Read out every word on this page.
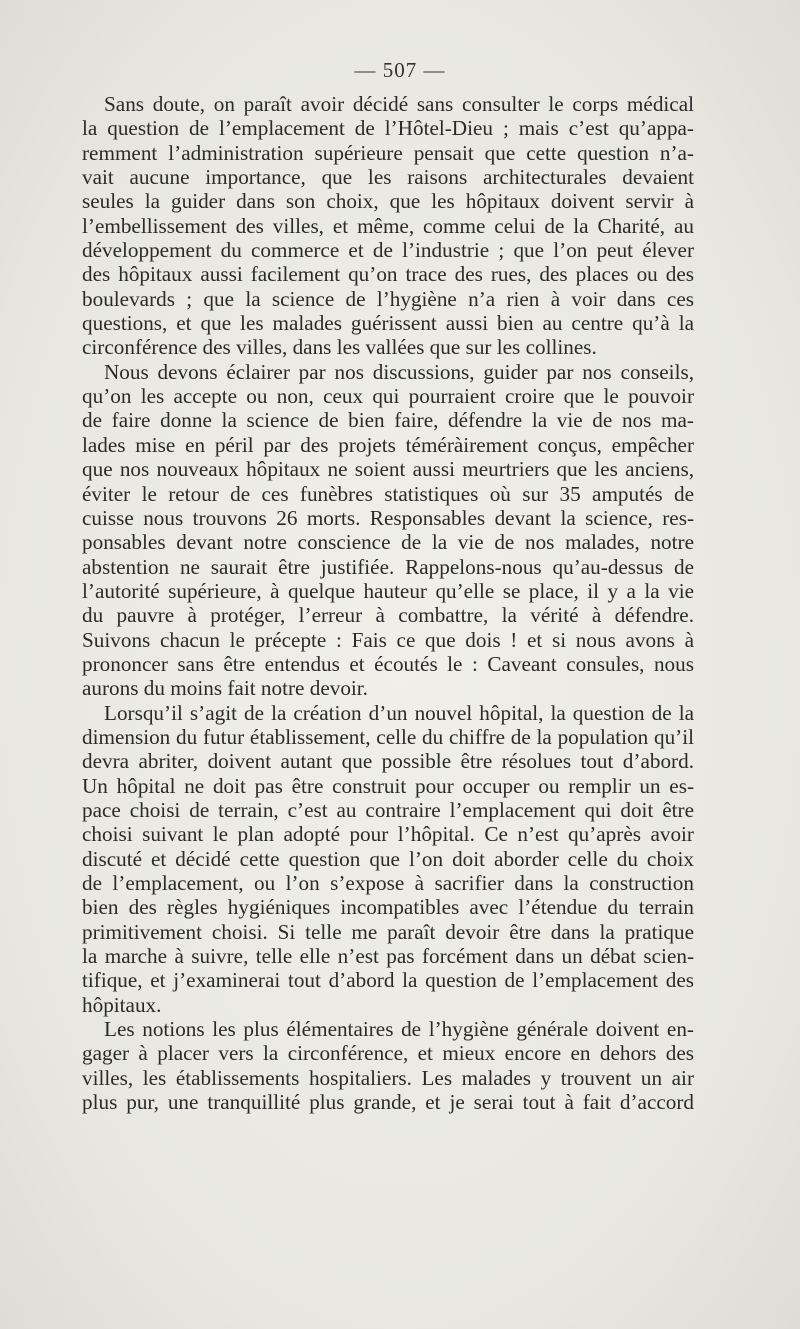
— 507 —
Sans doute, on paraît avoir décidé sans consulter le corps médical
la question de l’emplacement de l’Hôtel-Dieu ; mais c’est qu’appa-
remment l’administration supérieure pensait que cette question n’a-
vait aucune importance, que les raisons architecturales devaient
seules la guider dans son choix, que les hôpitaux doivent servir à
l’embellissement des villes, et même, comme celui de la Charité, au
développement du commerce et de l’industrie ; que l’on peut élever
des hôpitaux aussi facilement qu’on trace des rues, des places ou des
boulevards ; que la science de l’hygiène n’a rien à voir dans ces
questions, et que les malades guérissent aussi bien au centre qu’à la
circonférence des villes, dans les vallées que sur les collines.
Nous devons éclairer par nos discussions, guider par nos conseils,
qu’on les accepte ou non, ceux qui pourraient croire que le pouvoir
de faire donne la science de bien faire, défendre la vie de nos ma-
lades mise en péril par des projets téméràirement conçus, empêcher
que nos nouveaux hôpitaux ne soient aussi meurtriers que les anciens,
éviter le retour de ces funèbres statistiques où sur 35 amputés de
cuisse nous trouvons 26 morts. Responsables devant la science, res-
ponsables devant notre conscience de la vie de nos malades, notre
abstention ne saurait être justifiée. Rappelons-nous qu’au-dessus de
l’autorité supérieure, à quelque hauteur qu’elle se place, il y a la vie
du pauvre à protéger, l’erreur à combattre, la vérité à défendre.
Suivons chacun le précepte : Fais ce que dois ! et si nous avons à
prononcer sans être entendus et écoutés le : Caveant consules, nous
aurons du moins fait notre devoir.
Lorsqu’il s’agit de la création d’un nouvel hôpital, la question de la
dimension du futur établissement, celle du chiffre de la population qu’il
devra abriter, doivent autant que possible être résolues tout d’abord.
Un hôpital ne doit pas être construit pour occuper ou remplir un es-
pace choisi de terrain, c’est au contraire l’emplacement qui doit être
choisi suivant le plan adopté pour l’hôpital. Ce n’est qu’après avoir
discuté et décidé cette question que l’on doit aborder celle du choix
de l’emplacement, ou l’on s’expose à sacrifier dans la construction
bien des règles hygiéniques incompatibles avec l’étendue du terrain
primitivement choisi. Si telle me paraît devoir être dans la pratique
la marche à suivre, telle elle n’est pas forcément dans un débat scien-
tifique, et j’examinerai tout d’abord la question de l’emplacement des
hôpitaux.
Les notions les plus élémentaires de l’hygiène générale doivent en-
gager à placer vers la circonférence, et mieux encore en dehors des
villes, les établissements hospitaliers. Les malades y trouvent un air
plus pur, une tranquillité plus grande, et je serai tout à fait d’accord
